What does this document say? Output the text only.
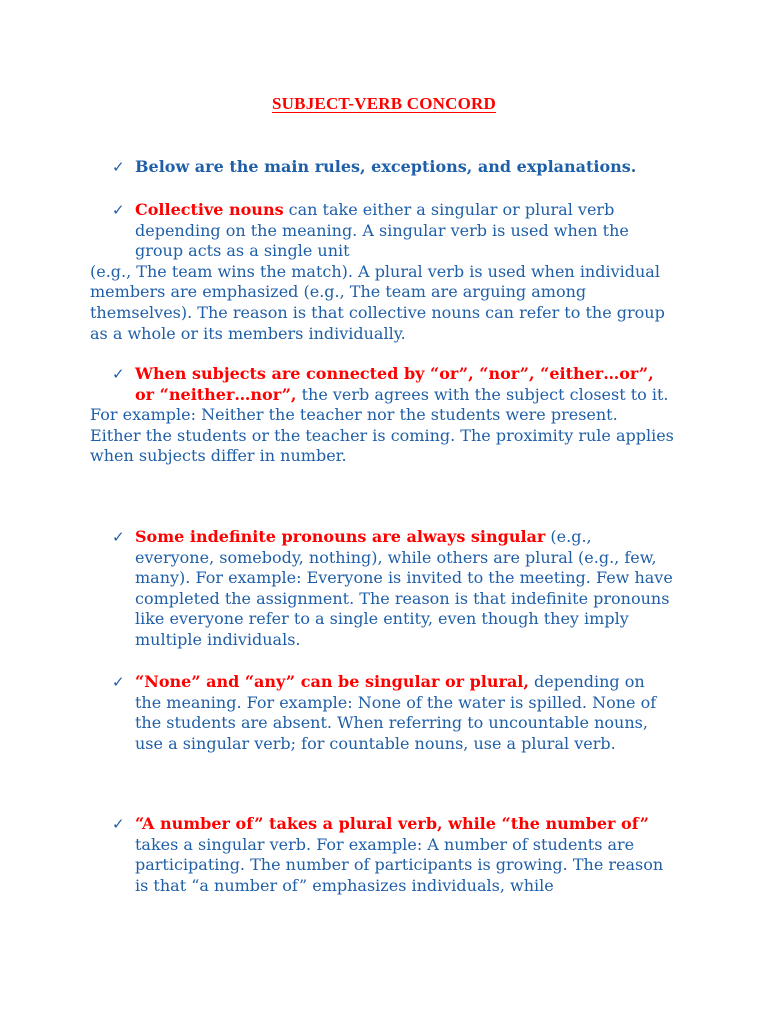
SUBJECT-VERB CONCORD
✓ Below are the main rules, exceptions, and explanations.
✓ Collective nouns can take either a singular or plural verb depending on the meaning. A singular verb is used when the group acts as a single unit
(e.g., The team wins the match). A plural verb is used when individual members are emphasized (e.g., The team are arguing among themselves). The reason is that collective nouns can refer to the group as a whole or its members individually.
✓ When subjects are connected by “or”, “nor”, “either…or”, or “neither…nor”, the verb agrees with the subject closest to it.
For example: Neither the teacher nor the students were present.
Either the students or the teacher is coming. The proximity rule applies when subjects differ in number.
✓ Some indefinite pronouns are always singular (e.g., everyone, somebody, nothing), while others are plural (e.g., few, many). For example: Everyone is invited to the meeting. Few have completed the assignment. The reason is that indefinite pronouns like everyone refer to a single entity, even though they imply multiple individuals.
✓ “None” and “any” can be singular or plural, depending on the meaning. For example: None of the water is spilled. None of the students are absent. When referring to uncountable nouns, use a singular verb; for countable nouns, use a plural verb.
✓ “A number of” takes a plural verb, while “the number of” takes a singular verb. For example: A number of students are participating. The number of participants is growing. The reason is that “a number of” emphasizes individuals, while
